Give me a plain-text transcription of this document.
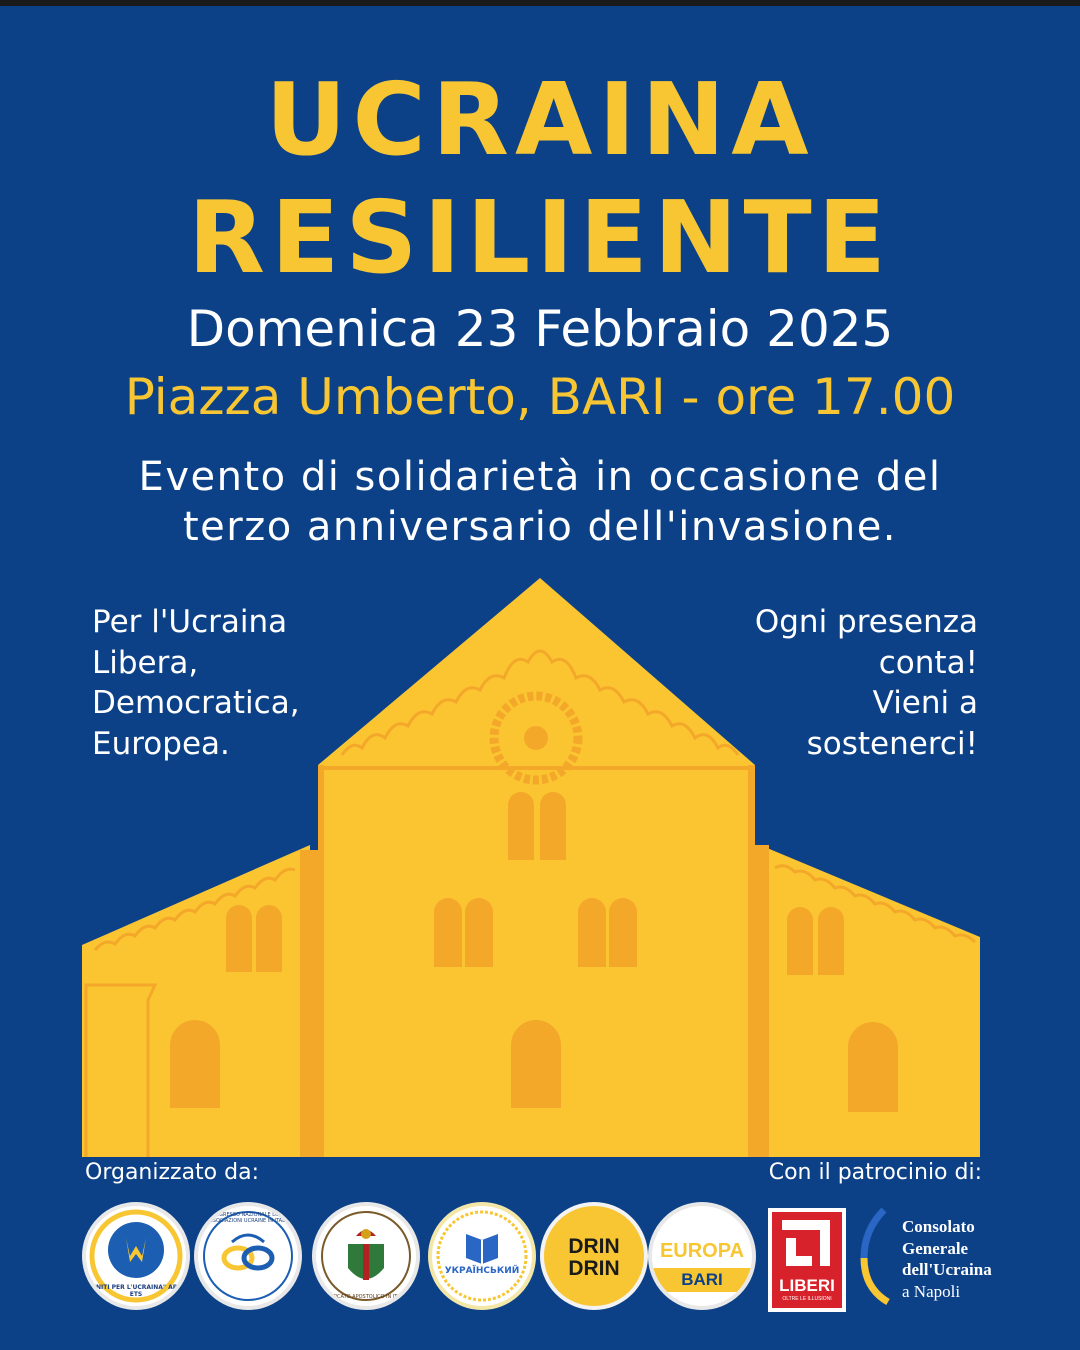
UCRAINA
RESILIENTE
Domenica 23 Febbraio 2025
Piazza Umberto, BARI - ore 17.00
Evento di solidarietà in occasione del
terzo anniversario dell'invasione.
Per l'Ucraina
Libera,
Democratica,
Europea.
Ogni presenza
conta!
Vieni a
sostenerci!
Organizzato da:	Con il patrocinio di:
"UNITI PER L'UCRAINA" APS-ETS
CONGRESSO NAZIONALE DELLE ASSOCIAZIONI UCRAINE IN ITALIA
ESARCATO APOSTOLICO IN ITALIA
УКРАЇНСЬКИЙ
DRIN
DRIN
EUROPA
BARI	LIBERI
OLTRE LE ILLUSIONI
Consolato
Generale
dell'Ucraina
a Napoli
